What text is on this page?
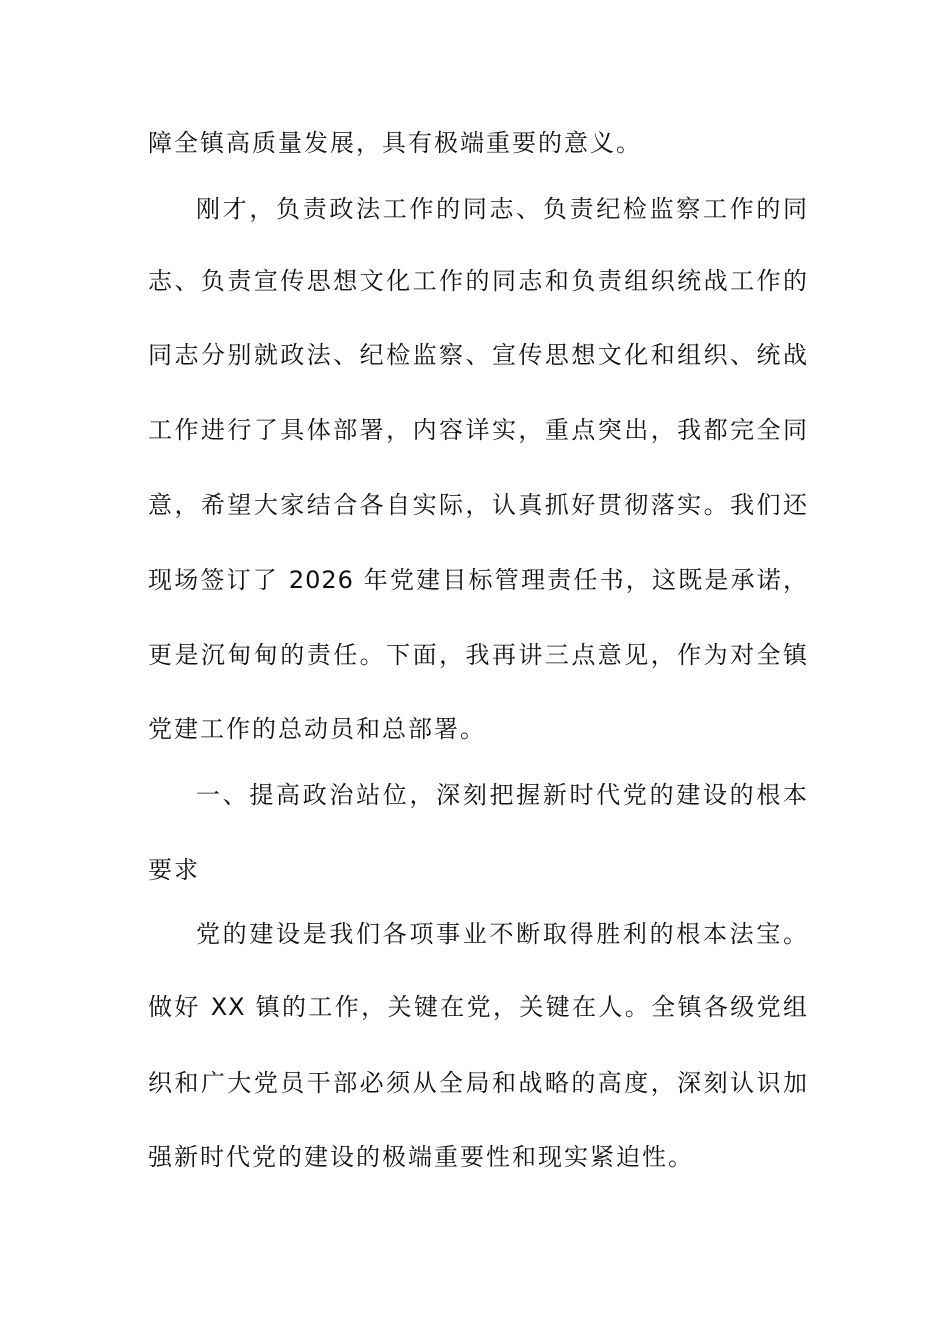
障全镇高质量发展，具有极端重要的意义。
刚才，负责政法工作的同志、负责纪检监察工作的同
志、负责宣传思想文化工作的同志和负责组织统战工作的
同志分别就政法、纪检监察、宣传思想文化和组织、统战
工作进行了具体部署，内容详实，重点突出，我都完全同
意，希望大家结合各自实际，认真抓好贯彻落实。我们还
现场签订了 2026 年党建目标管理责任书，这既是承诺，
更是沉甸甸的责任。下面，我再讲三点意见，作为对全镇
党建工作的总动员和总部署。
一、提高政治站位，深刻把握新时代党的建设的根本
要求
党的建设是我们各项事业不断取得胜利的根本法宝。
做好 XX 镇的工作，关键在党，关键在人。全镇各级党组
织和广大党员干部必须从全局和战略的高度，深刻认识加
强新时代党的建设的极端重要性和现实紧迫性。
